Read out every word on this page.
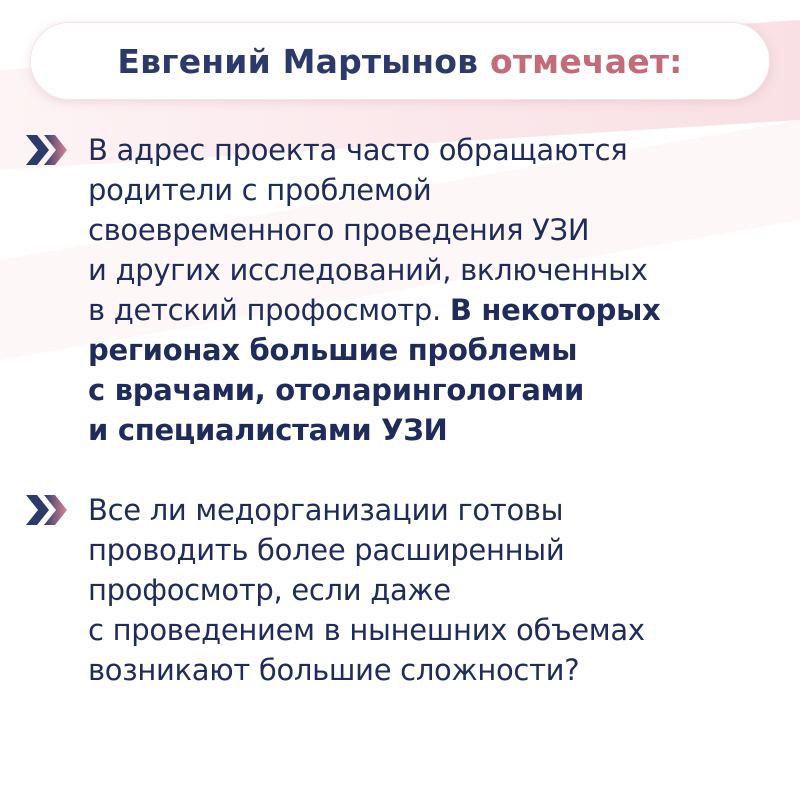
Евгений Мартынов отмечает:
В адрес проекта часто обращаются
родители с проблемой
своевременного проведения УЗИ
и других исследований, включенных
в детский профосмотр. В некоторых
регионах большие проблемы
с врачами, отоларингологами
и специалистами УЗИ
Все ли медорганизации готовы
проводить более расширенный
профосмотр, если даже
с проведением в нынешних объемах
возникают большие сложности?
